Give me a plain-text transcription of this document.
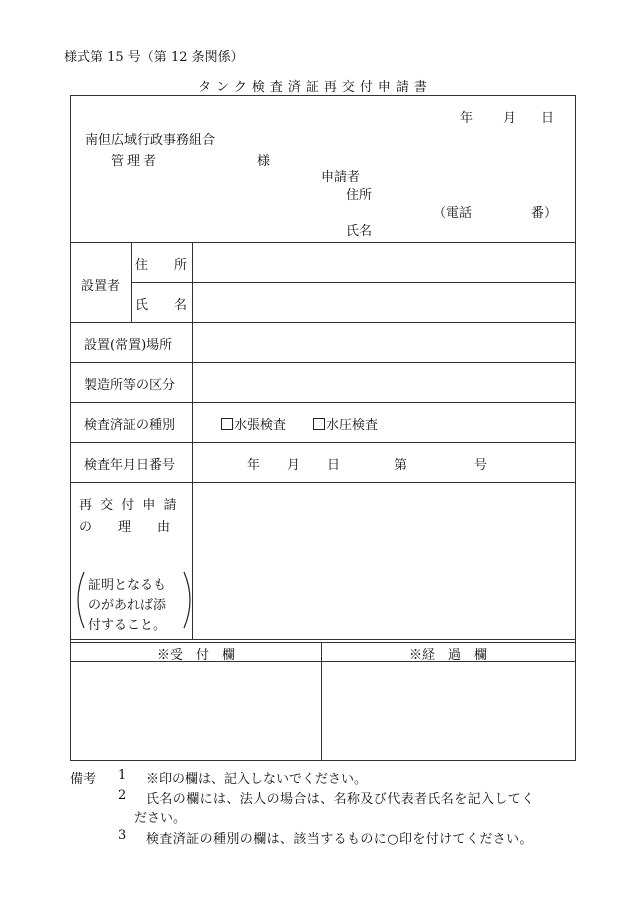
様式第 15 号（第 12 条関係）
タンク検査済証再交付申請書
年 月 日
南但広域行政事務組合
管理者	様
申請者
住所
（電話	番）
氏名
設置者
住　　所
氏　　名
設置(常置)場所
製造所等の区分
検査済証の種別	水張検査	水圧検査
検査年月日番号	年 月 日	第	号
再 交 付 申 請
の　　理　　由
証明となるも
のがあれば添
付すること。
※受　付　欄	※経　過　欄
備考 1 ※印の欄は、記入しないでください。
2 氏名の欄には、法人の場合は、名称及び代表者氏名を記入してく
ださい。
3 検査済証の種別の欄は、該当するものに○印を付けてください。
